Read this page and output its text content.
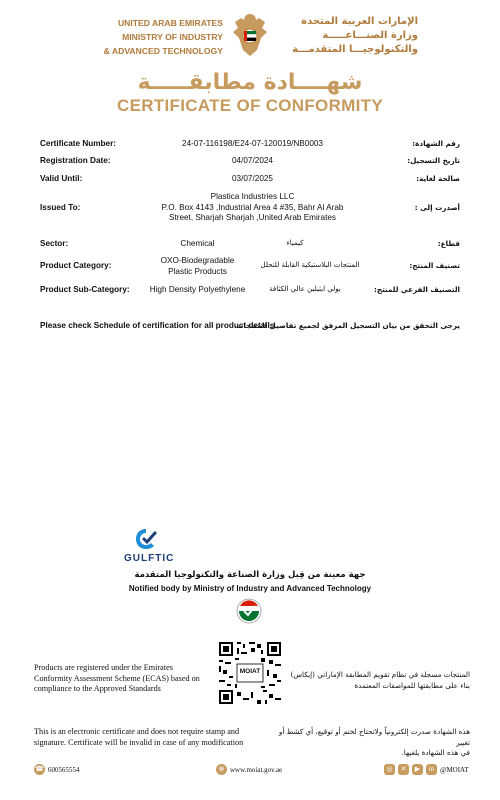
UNITED ARAB EMIRATES
MINISTRY OF INDUSTRY
& ADVANCED TECHNOLOGY
الإمارات العربية المتحدة
وزارة الصنـــاعـــــة
والتكنولوجيـــا المتقدمـــة
شهــــادة مطابقـــــة
CERTIFICATE OF CONFORMITY
Certificate Number:	24-07-116198/E24-07-120019/NB0003	رقم الشهادة:
Registration Date:	04/07/2024	تاريخ التسجيل:
Valid Until:	03/07/2025	صالحة لغاية:
Issued To:
Plastica Industries LLC
P.O. Box 4143 ,Industrial Area 4 #35, Bahr Al Arab
Street, Sharjah Sharjah ,United Arab Emirates
أصدرت إلى :
Sector:	Chemical	كيمياء	قطاع:
Product Category:
OXO-Biodegradable
Plastic Products
المنتجات البلاستيكية القابلة للتحلل	تصنيف المنتج:
Product Sub-Category:	High Density Polyethylene	بولي ايثيلين عالي الكثافة	التصنيف الفرعي للمنتج:
Please check Schedule of certification for all product details
يرجى التحقق من بيان التسجيل المرفق لجميع تفاصيل المنتجات
GULFTIC
جهة معينة من قِبل وزارة الصناعة والتكنولوجيا المتقدمة
Notified body by Ministry of Industry and Advanced Technology
MOIAT
Products are registered under the Emirates
Conformity Assessment Scheme (ECAS) based on
compliance to the Approved Standards
المنتجات مسجلة في نظام تقويم المطابقة الإماراتي (إيكاس)
بناء على مطابقتها للمواصفات المعتمدة
This is an electronic certificate and does not require stamp and
signature. Certificate will be invalid in case of any modification
هذه الشهادة صدرت إلكترونياً ولاتحتاج لختم أو توقيع، أي كشط أو تغيير
في هذه الشهادة يلغيها.
☎ 600565554	⊕ www.moiat.gov.ae	◎	✕	▶	in @MOIAT
